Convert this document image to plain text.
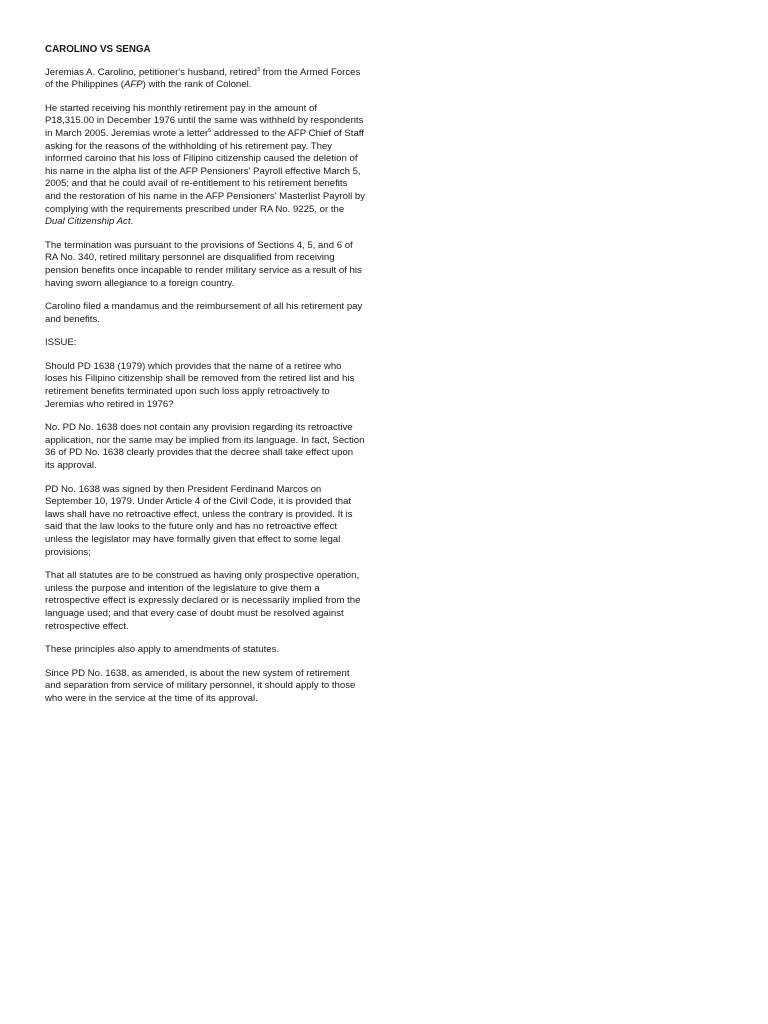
CAROLINO VS SENGA

Jeremias A. Carolino, petitioner's husband, retired$^3$ from the Armed Forces of the Philippines (AFP) with the rank of Colonel.

He started receiving his monthly retirement pay in the amount of P18,315.00 in December 1976 until the same was withheld by respondents in March 2005. Jeremias wrote a letter$^5$ addressed to the AFP Chief of Staff asking for the reasons of the withholding of his retirement pay. They informed caroino that his loss of Filipino citizenship caused the deletion of his name in the alpha list of the AFP Pensioners' Payroll effective March 5, 2005; and that he could avail of re-entitlement to his retirement benefits and the restoration of his name in the AFP Pensioners' Masterlist Payroll by complying with the requirements prescribed under RA No. 9225, or the Dual Citizenship Act.

The termination was pursuant to the provisions of Sections 4, 5, and 6 of RA No. 340, retired military personnel are disqualified from receiving pension benefits once incapable to render military service as a result of his having sworn allegiance to a foreign country.

Carolino filed a mandamus and the reimbursement of all his retirement pay and benefits.

ISSUE:

Should PD 1638 (1979) which provides that the name of a retiree who loses his Filipino citizenship shall be removed from the retired list and his retirement benefits terminated upon such loss apply retroactively to Jeremias who retired in 1976?

No. PD No. 1638 does not contain any provision regarding its retroactive application, nor the same may be implied from its language. In fact, Section 36 of PD No. 1638 clearly provides that the decree shall take effect upon its approval.

PD No. 1638 was signed by then President Ferdinand Marcos on September 10, 1979. Under Article 4 of the Civil Code, it is provided that laws shall have no retroactive effect, unless the contrary is provided. It is said that the law looks to the future only and has no retroactive effect unless the legislator may have formally given that effect to some legal provisions;

That all statutes are to be construed as having only prospective operation, unless the purpose and intention of the legislature to give them a retrospective effect is expressly declared or is necessarily implied from the language used; and that every case of doubt must be resolved against retrospective effect.

These principles also apply to amendments of statutes.

Since PD No. 1638, as amended, is about the new system of retirement and separation from service of military personnel, it should apply to those who were in the service at the time of its approval.
